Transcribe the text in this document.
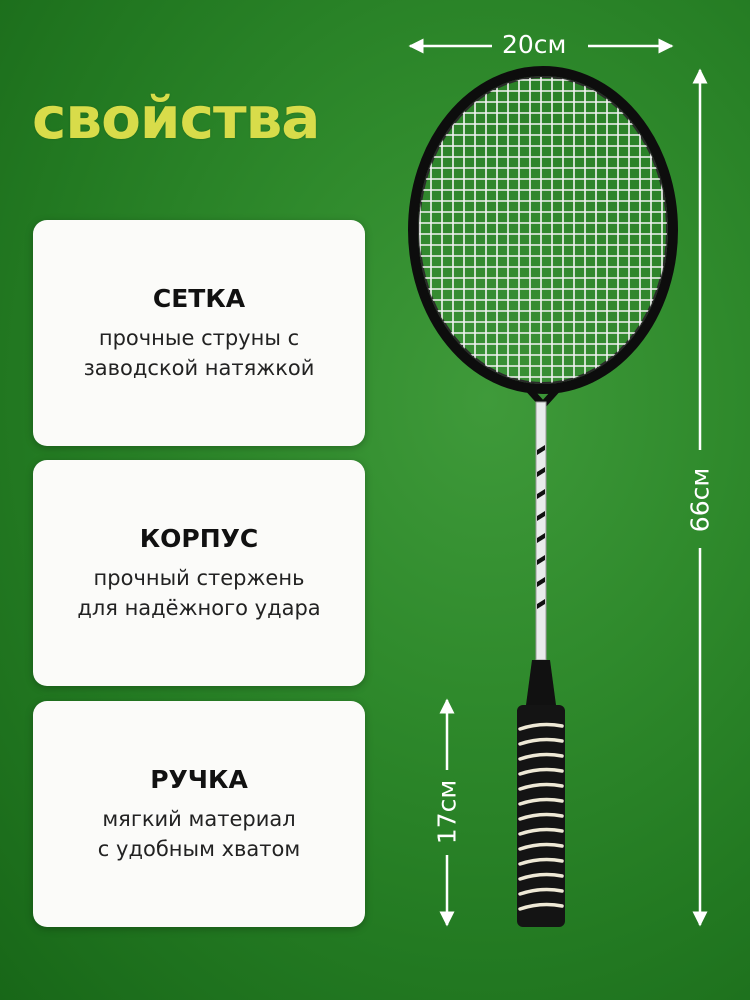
свойства
СЕТКА

прочные струны с

заводской натяжкой

КОРПУС

прочный стержень

для надёжного удара

РУЧКА

мягкий материал

с удобным хватом

20см
66см
17см
